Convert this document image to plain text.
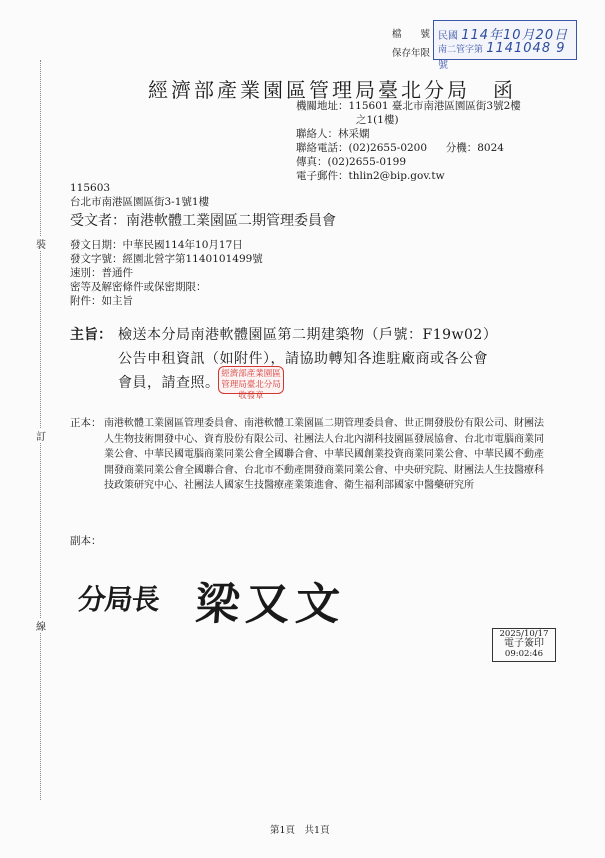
檔　　號
保存年限
民國 114年10月20日
南二管字第 1141048 9 號
裝
訂
線
經濟部產業園區管理局臺北分局　函
機關地址：115601 臺北市南港區園區街3號2樓
之1(1樓)
聯絡人：林采嫻
聯絡電話：(02)2655-0200 分機：8024
傳真：(02)2655-0199
電子郵件：thlin2@bip.gov.tw
115603
台北市南港區園區街3-1號1樓
受文者：南港軟體工業園區二期管理委員會
發文日期：中華民國114年10月17日
發文字號：經園北營字第1140101499號
速別：普通件
密等及解密條件或保密期限：
附件：如主旨
主旨： 檢送本分局南港軟體園區第二期建築物（戶號：F19w02）
公告申租資訊（如附件），請協助轉知各進駐廠商或各公會
會員，請查照。
經濟部產業園區管理局臺北分局收發章
正本： 南港軟體工業園區管理委員會、南港軟體工業園區二期管理委員會、世正開發股份有限公司、財團法人生物技術開發中心、資育股份有限公司、社團法人台北內湖科技園區發展協會、台北市電腦商業同業公會、中華民國電腦商業同業公會全國聯合會、中華民國創業投資商業同業公會、中華民國不動產開發商業同業公會全國聯合會、台北市不動產開發商業同業公會、中央研究院、財團法人生技醫療科技政策研究中心、社團法人國家生技醫療產業策進會、衛生福利部國家中醫藥研究所
副本：
分局長 梁又文
2025/10/17
電子簽印
09:02:46
第1頁　共1頁
